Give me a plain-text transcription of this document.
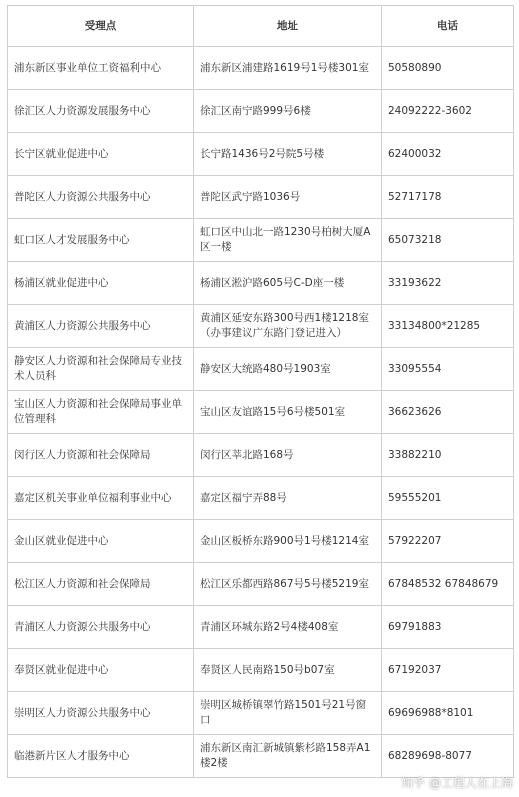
受理点	地址	电话
浦东新区事业单位工资福利中心	浦东新区浦建路1619号1号楼301室	50580890
徐汇区人力资源发展服务中心	徐汇区南宁路999号6楼	24092222-3602
长宁区就业促进中心	长宁路1436号2号院5号楼	62400032
普陀区人力资源公共服务中心	普陀区武宁路1036号	52717178
虹口区人才发展服务中心	虹口区中山北一路1230号柏树大厦A区一楼	65073218
杨浦区就业促进中心	杨浦区淞沪路605号C-D座一楼	33193622
黄浦区人力资源公共服务中心	黄浦区延安东路300号西1楼1218室（办事建议广东路门登记进入）	33134800*21285
静安区人力资源和社会保障局专业技术人员科	静安区大统路480号1903室	33095554
宝山区人力资源和社会保障局事业单位管理科	宝山区友谊路15号6号楼501室	36623626
闵行区人力资源和社会保障局	闵行区莘北路168号	33882210
嘉定区机关事业单位福利事业中心	嘉定区福宁弄88号	59555201
金山区就业促进中心	金山区板桥东路900号1号楼1214室	57922207
松江区人力资源和社会保障局	松江区乐都西路867号5号楼5219室	67848532 67848679
青浦区人力资源公共服务中心	青浦区环城东路2号4楼408室	69791883
奉贤区就业促进中心	奉贤区人民南路150号b07室	67192037
崇明区人力资源公共服务中心	崇明区城桥镇翠竹路1501号21号窗口	69696988*8101
临港新片区人才服务中心	浦东新区南汇新城镇紫杉路158弄A1楼2楼	68289698-8077
知乎 @工程人在上海
